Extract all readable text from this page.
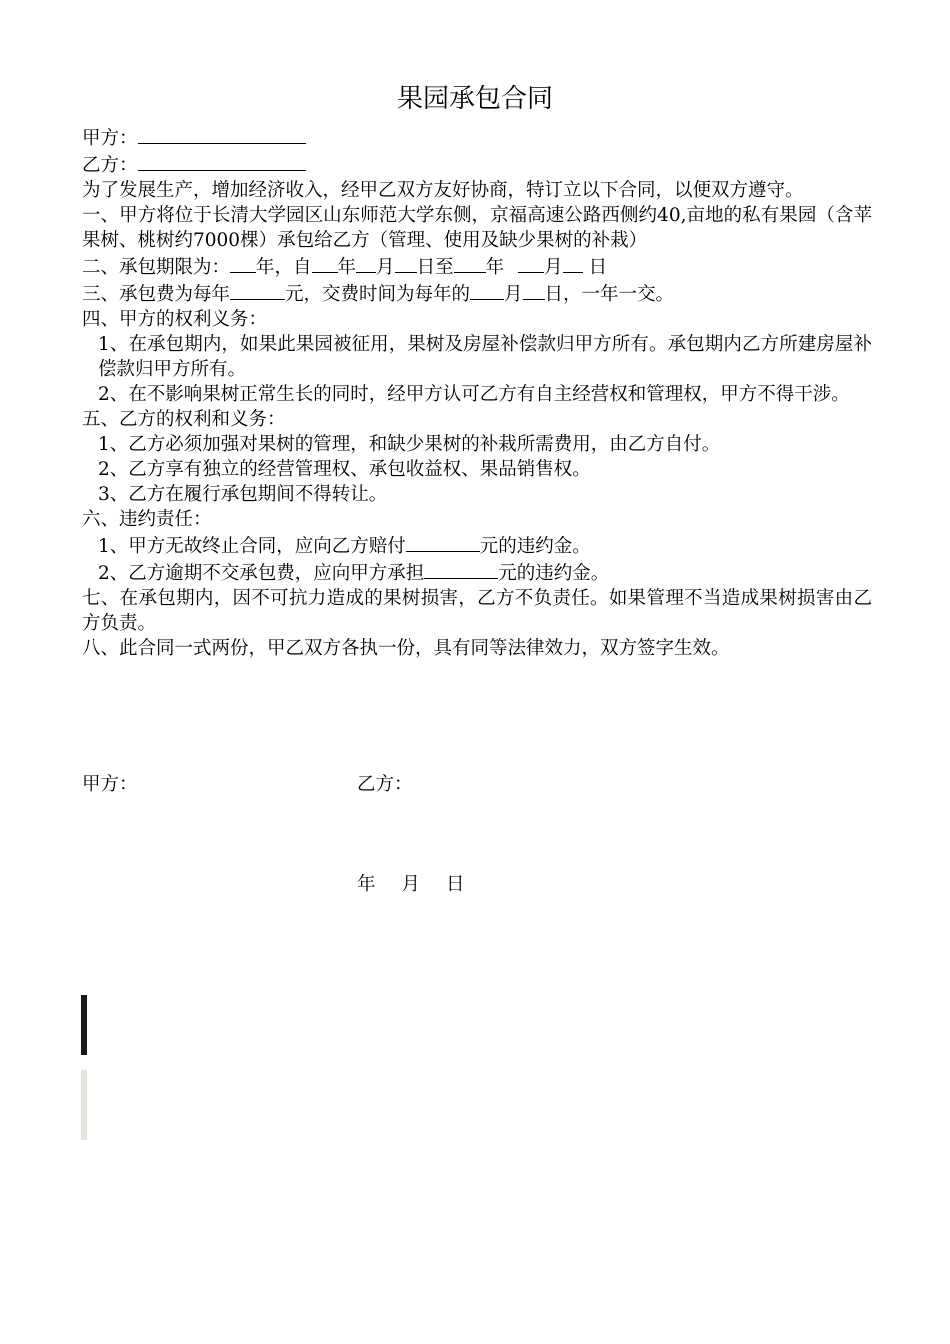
果园承包合同
甲方：
乙方：
为了发展生产，增加经济收入，经甲乙双方友好协商，特订立以下合同，以便双方遵守。
一、甲方将位于长清大学园区山东师范大学东侧，京福高速公路西侧约40,亩地的私有果园（含苹果树、桃树约7000棵）承包给乙方（管理、使用及缺少果树的补栽）
二、承包期限为： 年，自 年 月 日至 年 月 日
三、承包费为每年	元，交费时间为每年的 月 日，一年一交。
四、甲方的权利义务：
1、在承包期内，如果此果园被征用，果树及房屋补偿款归甲方所有。承包期内乙方所建房屋补偿款归甲方所有。
2、在不影响果树正常生长的同时，经甲方认可乙方有自主经营权和管理权，甲方不得干涉。
五、乙方的权利和义务：
1、乙方必须加强对果树的管理，和缺少果树的补栽所需费用，由乙方自付。
2、乙方享有独立的经营管理权、承包收益权、果品销售权。
3、乙方在履行承包期间不得转让。
六、违约责任：
1、甲方无故终止合同，应向乙方赔付	元的违约金。
2、乙方逾期不交承包费，应向甲方承担	元的违约金。
七、在承包期内，因不可抗力造成的果树损害，乙方不负责任。如果管理不当造成果树损害由乙方负责。
八、此合同一式两份，甲乙双方各执一份，具有同等法律效力，双方签字生效。
甲方：	乙方：
年 月 日
